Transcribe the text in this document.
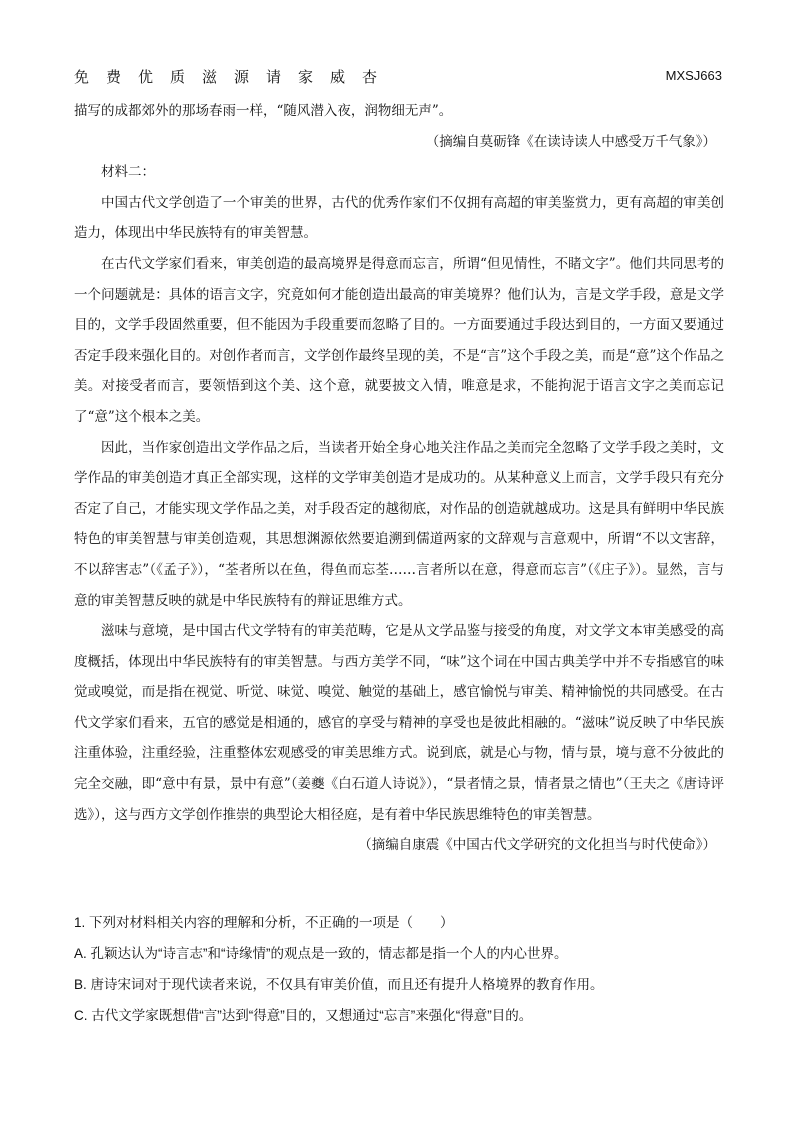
免费优质滋源请家威杏	MXSJ663

描写的成都郊外的那场春雨一样，“随风潜入夜，润物细无声”。

（摘编自莫砺锋《在读诗读人中感受万千气象》）

材料二：

中国古代文学创造了一个审美的世界，古代的优秀作家们不仅拥有高超的审美鉴赏力，更有高超的审美创造力，体现出中华民族特有的审美智慧。

在古代文学家们看来，审美创造的最高境界是得意而忘言，所谓“但见情性，不睹文字”。他们共同思考的一个问题就是：具体的语言文字，究竟如何才能创造出最高的审美境界？他们认为，言是文学手段，意是文学目的，文学手段固然重要，但不能因为手段重要而忽略了目的。一方面要通过手段达到目的，一方面又要通过否定手段来强化目的。对创作者而言，文学创作最终呈现的美，不是“言”这个手段之美，而是“意”这个作品之美。对接受者而言，要领悟到这个美、这个意，就要披文入情，唯意是求，不能拘泥于语言文字之美而忘记了“意”这个根本之美。

因此，当作家创造出文学作品之后，当读者开始全身心地关注作品之美而完全忽略了文学手段之美时，文学作品的审美创造才真正全部实现，这样的文学审美创造才是成功的。从某种意义上而言，文学手段只有充分否定了自己，才能实现文学作品之美，对手段否定的越彻底，对作品的创造就越成功。这是具有鲜明中华民族特色的审美智慧与审美创造观，其思想渊源依然要追溯到儒道两家的文辞观与言意观中，所谓“不以文害辞，不以辞害志”（《孟子》），“荃者所以在鱼，得鱼而忘荃……言者所以在意，得意而忘言”（《庄子》）。显然，言与意的审美智慧反映的就是中华民族特有的辩证思维方式。

滋味与意境，是中国古代文学特有的审美范畴，它是从文学品鉴与接受的角度，对文学文本审美感受的高度概括，体现出中华民族特有的审美智慧。与西方美学不同，“味”这个词在中国古典美学中并不专指感官的味觉或嗅觉，而是指在视觉、听觉、味觉、嗅觉、触觉的基础上，感官愉悦与审美、精神愉悦的共同感受。在古代文学家们看来，五官的感觉是相通的，感官的享受与精神的享受也是彼此相融的。“滋味”说反映了中华民族注重体验，注重经验，注重整体宏观感受的审美思维方式。说到底，就是心与物，情与景，境与意不分彼此的完全交融，即“意中有景，景中有意”（姜夔《白石道人诗说》），“景者情之景，情者景之情也”（王夫之《唐诗评选》），这与西方文学创作推崇的典型论大相径庭，是有着中华民族思维特色的审美智慧。

（摘编自康震《中国古代文学研究的文化担当与时代使命》）

1. 下列对材料相关内容的理解和分析，不正确的一项是（　　）

A. 孔颖达认为“诗言志”和“诗缘情”的观点是一致的，情志都是指一个人的内心世界。

B. 唐诗宋词对于现代读者来说，不仅具有审美价值，而且还有提升人格境界的教育作用。

C. 古代文学家既想借“言”达到“得意”目的，又想通过“忘言”来强化“得意”目的。
